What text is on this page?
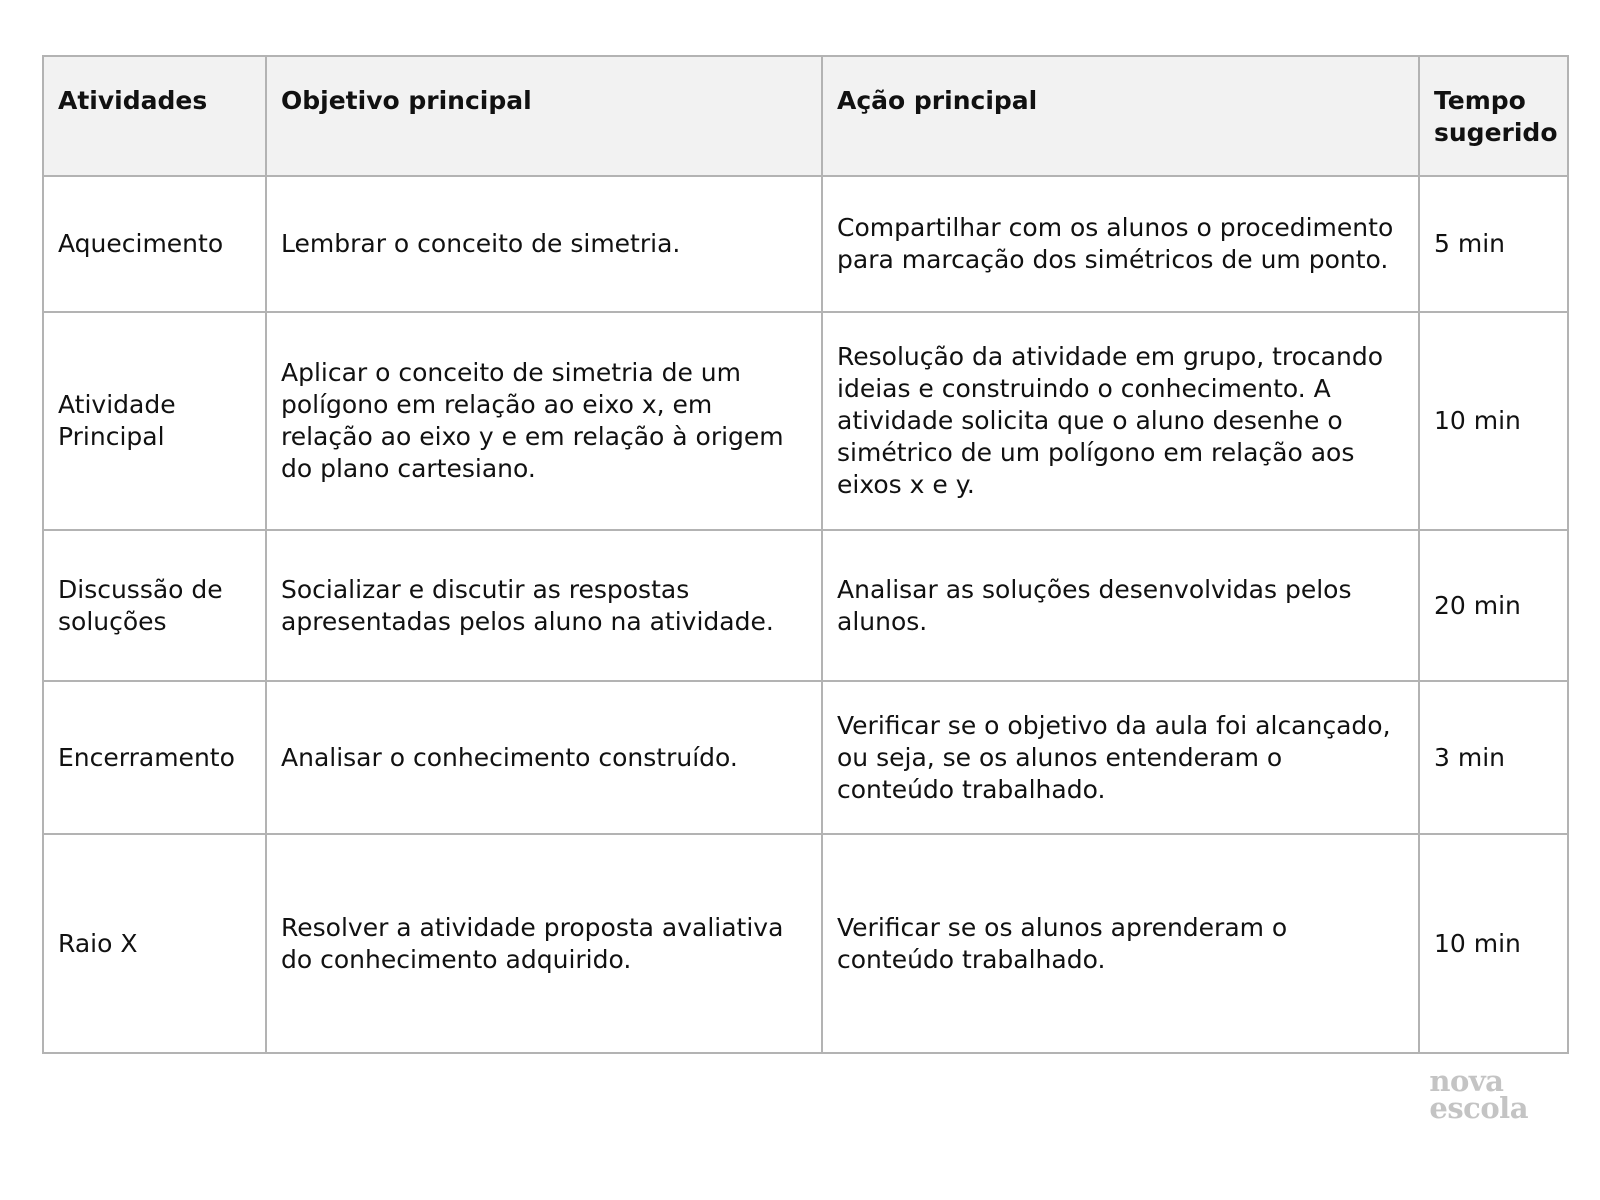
Atividades	Objetivo principal	Ação principal	Tempo sugerido
Aquecimento	Lembrar o conceito de simetria.	Compartilhar com os alunos o procedimento para marcação dos simétricos de um ponto.	5 min
Atividade Principal	Aplicar o conceito de simetria de um polígono em relação ao eixo x, em relação ao eixo y e em relação à origem do plano cartesiano.	Resolução da atividade em grupo, trocando ideias e construindo o conhecimento. A atividade solicita que o aluno desenhe o simétrico de um polígono em relação aos eixos x e y.	10 min
Discussão de soluções	Socializar e discutir as respostas apresentadas pelos aluno na atividade.	Analisar as soluções desenvolvidas pelos alunos.	20 min
Encerramento	Analisar o conhecimento construído.	Verificar se o objetivo da aula foi alcançado, ou seja, se os alunos entenderam o conteúdo trabalhado.	3 min
Raio X	Resolver a atividade proposta avaliativa do conhecimento adquirido.	Verificar se os alunos aprenderam o conteúdo trabalhado.	10 min
nova
escola
